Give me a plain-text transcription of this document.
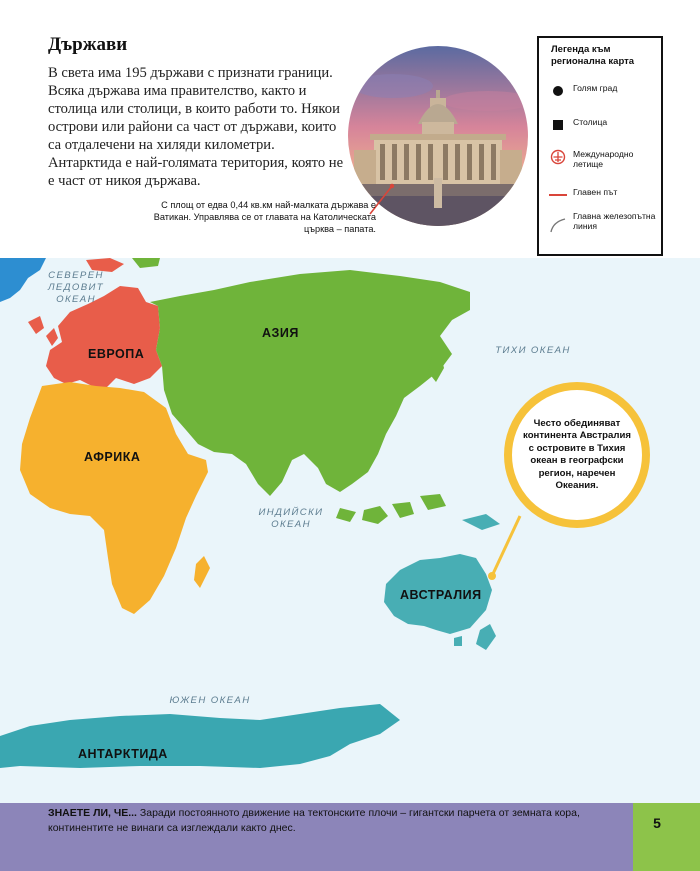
Държави
В света има 195 държави с признати граници. Всяка държава има правителство, както и столица или столици, в които работи то. Някои острови или райони са част от държави, които са отдалечени на хиляди километри. Антарктида е най-голямата територия, която не е част от никоя държава.
С площ от едва 0,44 кв.км най-малката държава е Ватикан. Управлява се от главата на Католическата църква – папата.
Легенда към регионална карта
Голям град
Столица
Международно летище
Главен път
Главна железопътна линия
СЕВЕРЕН ЛЕДОВИТ ОКЕАН
ТИХИ ОКЕАН
ИНДИЙСКИ ОКЕАН
ЮЖЕН ОКЕАН
ЕВРОПА
АЗИЯ
АФРИКА
АВСТРАЛИЯ
АНТАРКТИДА
Често обединяват континента Австралия с островите в Тихия океан в географски регион, наречен Океания.
ЗНАЕТЕ ЛИ, ЧЕ... Заради постоянното движение на тектонските плочи – гигантски парчета от земната кора, континентите не винаги са изглеждали както днес.	5
